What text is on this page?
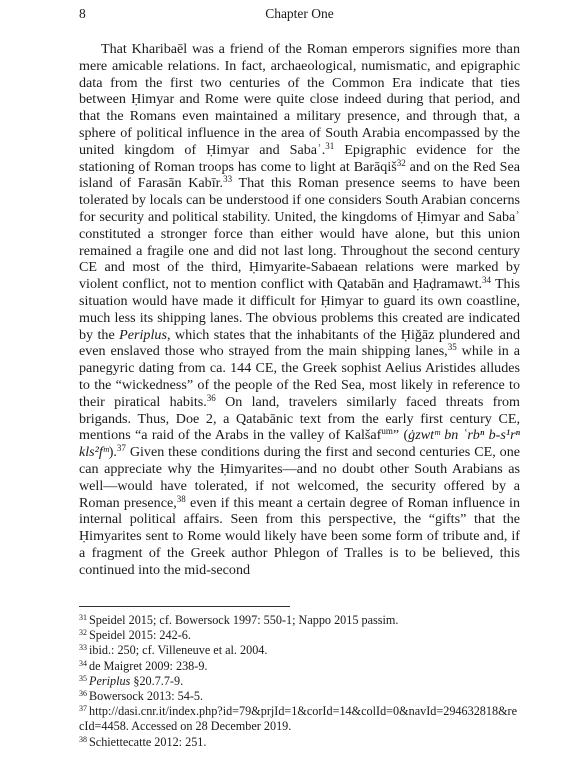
8	Chapter One

That Kharibaēl was a friend of the Roman emperors signifies more than mere amicable relations. In fact, archaeological, numismatic, and epigraphic data from the first two centuries of the Common Era indicate that ties between Ḥimyar and Rome were quite close indeed during that period, and that the Romans even maintained a military presence, and through that, a sphere of political influence in the area of South Arabia encompassed by the united kingdom of Ḥimyar and Sabaʾ.$^{31}$ Epigraphic evidence for the stationing of Roman troops has come to light at Barāqiš$^{32}$ and on the Red Sea island of Farasān Kabīr.$^{33}$ That this Roman presence seems to have been tolerated by locals can be understood if one considers South Arabian concerns for security and political stability. United, the kingdoms of Ḥimyar and Sabaʾ constituted a stronger force than either would have alone, but this union remained a fragile one and did not last long. Throughout the second century CE and most of the third, Ḥimyarite-Sabaean relations were marked by violent conflict, not to mention conflict with Qatabān and Ḥaḍramawt.$^{34}$ This situation would have made it difficult for Ḥimyar to guard its own coastline, much less its shipping lanes. The obvious problems this created are indicated by the Periplus, which states that the inhabitants of the Ḥiǧāz plundered and even enslaved those who strayed from the main shipping lanes,$^{35}$ while in a panegyric dating from ca. 144 CE, the Greek sophist Aelius Aristides alludes to the “wickedness” of the people of the Red Sea, most likely in reference to their piratical habits.$^{36}$ On land, travelers similarly faced threats from brigands. Thus, Doe 2, a Qatabānic text from the early first century CE, mentions “a raid of the Arabs in the valley of Kalšaf$^{um}$” (ġzwtᵐ bn ʿrbⁿ b-s¹rⁿ kls²fᵐ).$^{37}$ Given these conditions during the first and second centuries CE, one can appreciate why the Ḥimyarites—and no doubt other South Arabians as well—would have tolerated, if not welcomed, the security offered by a Roman presence,$^{38}$ even if this meant a certain degree of Roman influence in internal political affairs. Seen from this perspective, the “gifts” that the Ḥimyarites sent to Rome would likely have been some form of tribute and, if a fragment of the Greek author Phlegon of Tralles is to be believed, this continued into the mid-second

$^{31}$ Speidel 2015; cf. Bowersock 1997: 550-1; Nappo 2015 passim.
$^{32}$ Speidel 2015: 242-6.
$^{33}$ ibid.: 250; cf. Villeneuve et al. 2004.
$^{34}$ de Maigret 2009: 238-9.
$^{35}$ Periplus §20.7.7-9.
$^{36}$ Bowersock 2013: 54-5.
$^{37}$ http://dasi.cnr.it/index.php?id=79&prjId=1&corId=14&colId=0&navId=294632818&recId=4458. Accessed on 28 December 2019.
$^{38}$ Schiettecatte 2012: 251.
